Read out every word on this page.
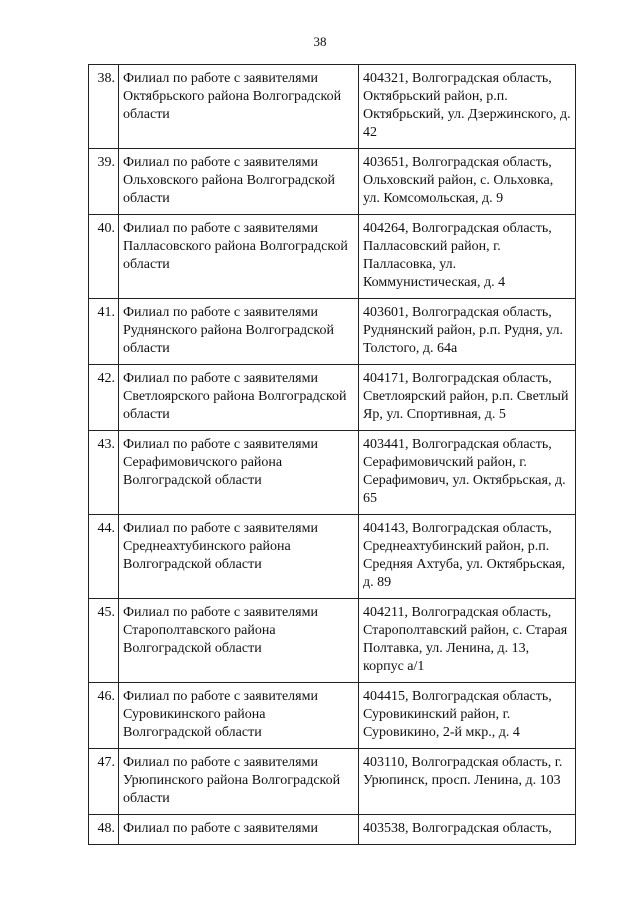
38
38.	Филиал по работе с заявителями Октябрьского района Волгоградской области	404321, Волгоградская область, Октябрьский район, р.п. Октябрьский, ул. Дзержинского, д. 42
39.	Филиал по работе с заявителями Ольховского района Волгоградской области	403651, Волгоградская область, Ольховский район, с. Ольховка, ул. Комсомольская, д. 9
40.	Филиал по работе с заявителями Палласовского района Волгоградской области	404264, Волгоградская область, Палласовский район, г. Палласовка, ул. Коммунистическая, д. 4
41.	Филиал по работе с заявителями Руднянского района Волгоградской области	403601, Волгоградская область, Руднянский район, р.п. Рудня, ул. Толстого, д. 64а
42.	Филиал по работе с заявителями Светлоярского района Волгоградской области	404171, Волгоградская область, Светлоярский район, р.п. Светлый Яр, ул. Спортивная, д. 5
43.	Филиал по работе с заявителями Серафимовичского района Волгоградской области	403441, Волгоградская область, Серафимовичский район, г. Серафимович, ул. Октябрьская, д. 65
44.	Филиал по работе с заявителями Среднеахтубинского района Волгоградской области	404143, Волгоградская область, Среднеахтубинский район, р.п. Средняя Ахтуба, ул. Октябрьская, д. 89
45.	Филиал по работе с заявителями Старополтавского района Волгоградской области	404211, Волгоградская область, Старополтавский район, с. Старая Полтавка, ул. Ленина, д. 13, корпус а/1
46.	Филиал по работе с заявителями Суровикинского района Волгоградской области	404415, Волгоградская область, Суровикинский район, г. Суровикино, 2-й мкр., д. 4
47.	Филиал по работе с заявителями Урюпинского района Волгоградской области	403110, Волгоградская область, г. Урюпинск, просп. Ленина, д. 103
48.	Филиал по работе с заявителями	403538, Волгоградская область,
